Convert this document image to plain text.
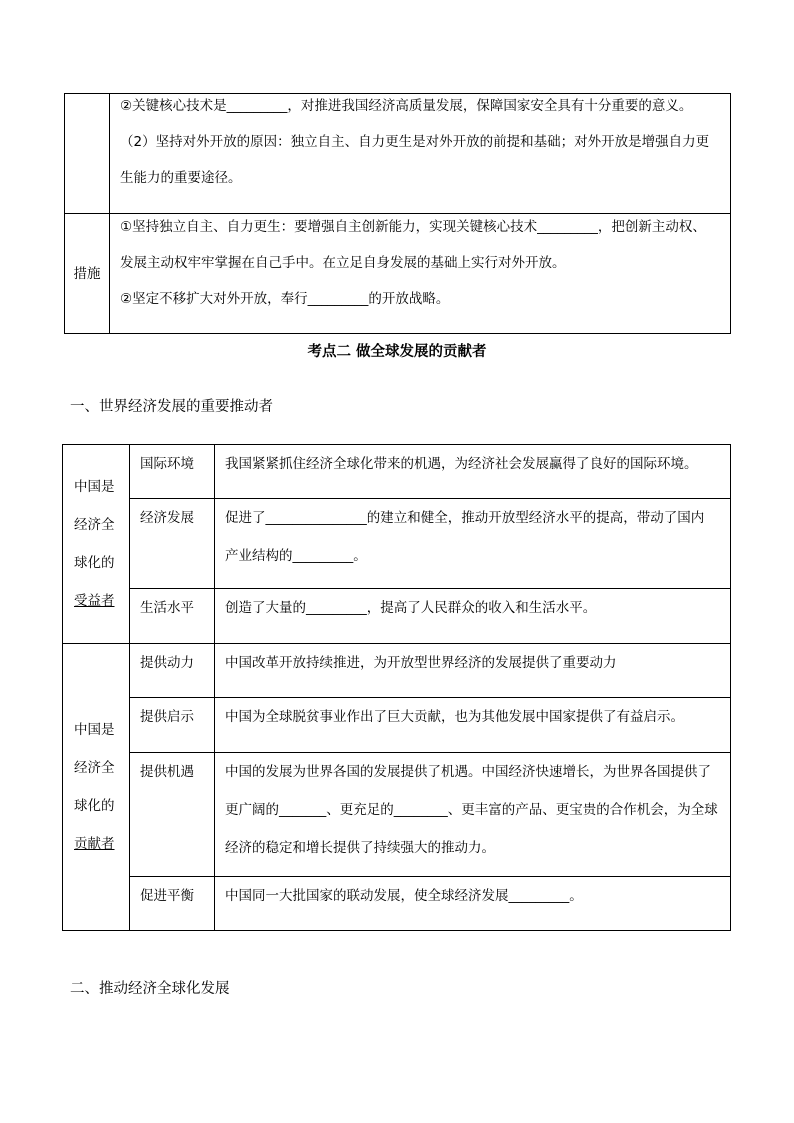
	②关键核心技术是_________，对推进我国经济高质量发展，保障国家安全具有十分重要的意义。
（2）坚持对外开放的原因：独立自主、自力更生是对外开放的前提和基础；对外开放是增强自力更
生能力的重要途径。

措施	①坚持独立自主、自力更生：要增强自主创新能力，实现关键核心技术_________，把创新主动权、
发展主动权牢牢掌握在自己手中。在立足自身发展的基础上实行对外开放。
②坚定不移扩大对外开放，奉行_________的开放战略。
考点二 做全球发展的贡献者
一、世界经济发展的重要推动者
中国是 经济全 球化的 受益者	国际环境	我国紧紧抓住经济全球化带来的机遇，为经济社会发展赢得了良好的国际环境。

	经济发展	促进了_______________的建立和健全，推动开放型经济水平的提高，带动了国内
产业结构的_________。

	生活水平	创造了大量的_________，提高了人民群众的收入和生活水平。

中国是 经济全 球化的 贡献者	提供动力	中国改革开放持续推进，为开放型世界经济的发展提供了重要动力

	提供启示	中国为全球脱贫事业作出了巨大贡献，也为其他发展中国家提供了有益启示。

	提供机遇	中国的发展为世界各国的发展提供了机遇。中国经济快速增长，为世界各国提供了
更广阔的_______、更充足的________、更丰富的产品、更宝贵的合作机会，为全球
经济的稳定和增长提供了持续强大的推动力。

	促进平衡	中国同一大批国家的联动发展，使全球经济发展_________。
二、推动经济全球化发展
